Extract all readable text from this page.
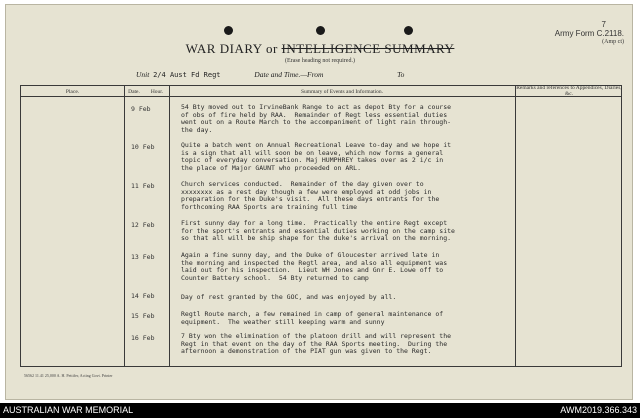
7
WAR DIARY or INTELLIGENCE SUMMARY
(Erase heading not required.)
Army Form C.2118.
(Amp ct)
Unit 2/4 Aust Fd Regt	Date and Time.—From	To
Place.	Date.	Hour.	Summary of Events and Information.
Remarks and references to Appendices, Diaries, &c.
9 Feb	54 Bty moved out to IrvineBank Range to act as depot Bty for a course
of obs of fire held by RAA.  Remainder of Regt less essential duties
went out on a Route March to the accompaniment of light rain through-
the day.
10 Feb	Quite a batch went on Annual Recreational Leave to-day and we hope it
is a sign that all will soon be on leave, which now forms a general
topic of everyday conversation. Maj HUMPHREY takes over as 2 i/c in
the place of Major GAUNT who proceeded on ARL.
11 Feb	Church services conducted.  Remainder of the day given over to
xxxxxxxx as a rest day though a few were employed at odd jobs in
preparation for the Duke's visit.  All these days entrants for the
forthcoming RAA Sports are training full time
12 Feb	First sunny day for a long time.  Practically the entire Regt except
for the sport's entrants and essential duties working on the camp site
so that all will be ship shape for the duke's arrival on the morning.
13 Feb	Again a fine sunny day, and the Duke of Gloucester arrived late in
the morning and inspected the Regtl area, and also all equipment was
laid out for his inspection.  Lieut WH Jones and Gnr E. Lowe off to
Counter Battery school.  54 Bty returned to camp
14 Feb	Day of rest granted by the GOC, and was enjoyed by all.
15 Feb	Regtl Route march, a few remained in camp of general maintenance of
equipment.  The weather still keeping warm and sunny
16 Feb	7 Bty won the elimination of the platoon drill and will represent the
Regt in that event on the day of the RAA Sports meeting.  During the
afternoon a demonstration of the PIAT gun was given to the Regt.
56562 11.41 25,000 A. H. Pettifer, Acting Govt. Printer
AUSTRALIAN WAR MEMORIAL	AWM2019.366.343
